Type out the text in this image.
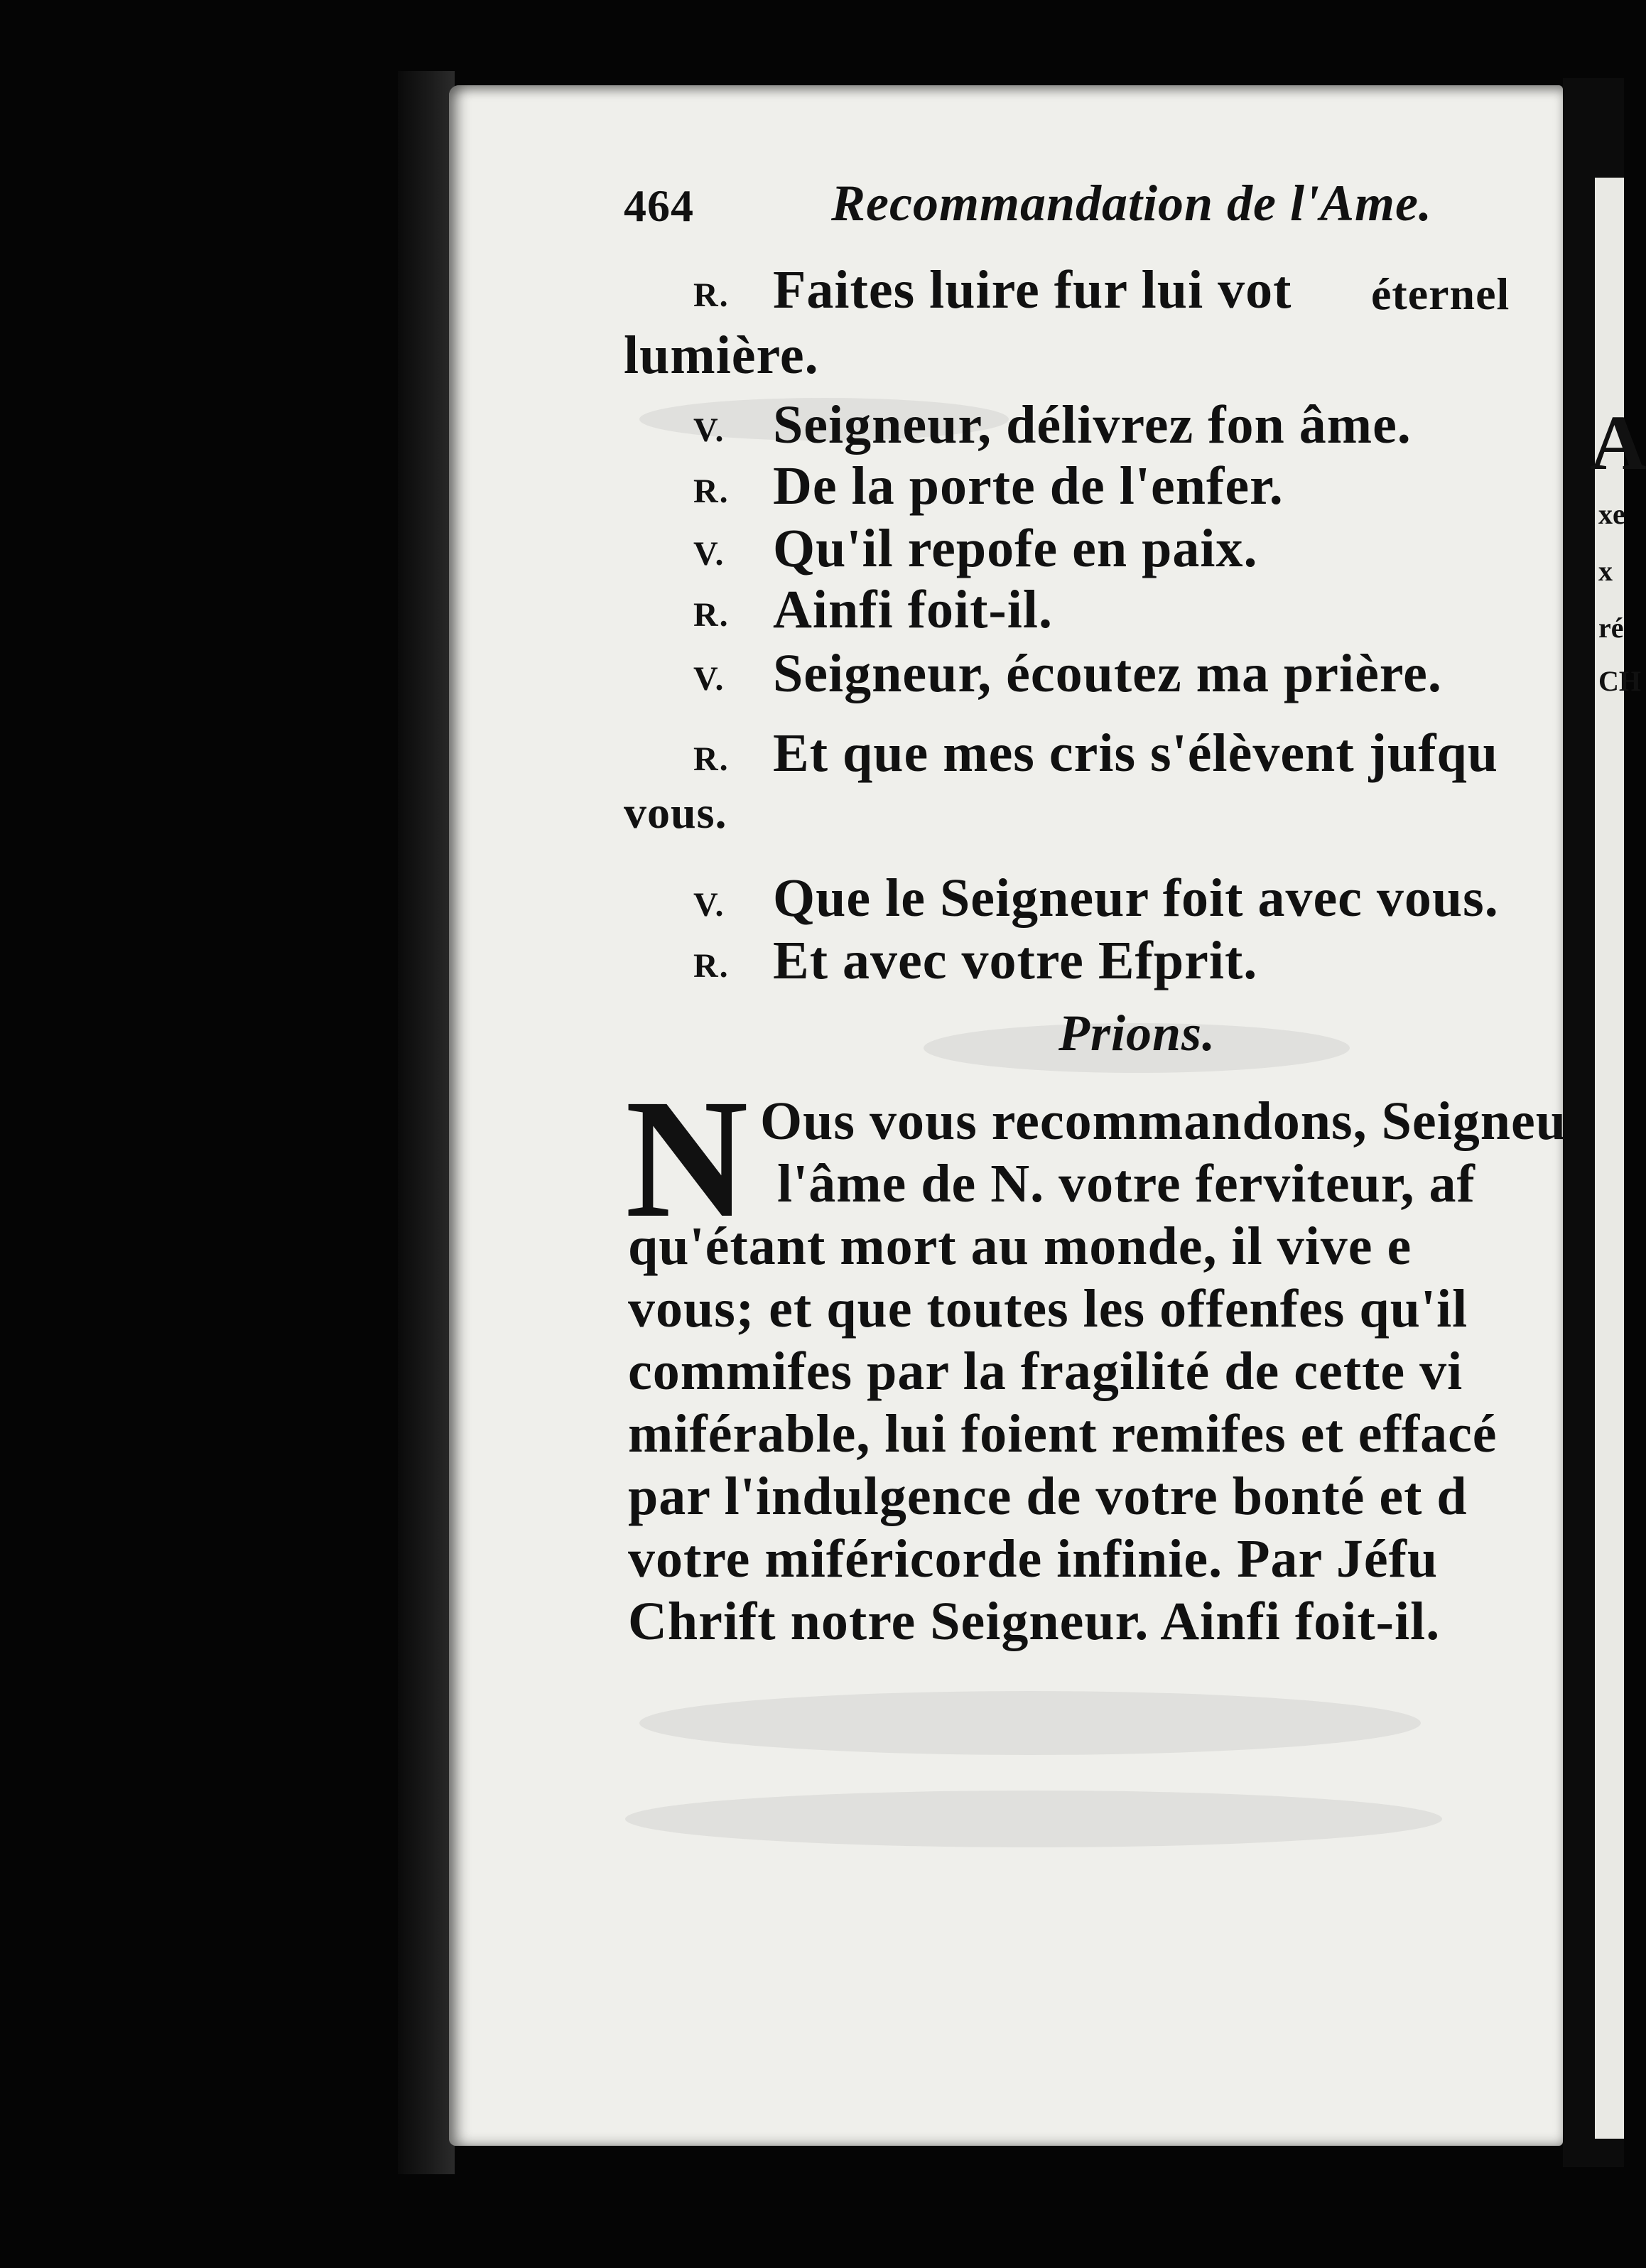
A
xe
x
ré
CH
464	Recommandation de l'Ame.
R. Faites luire fur lui vot éternel
lumière.
V. Seigneur, délivrez fon âme.
R. De la porte de l'enfer.
V. Qu'il repofe en paix.
R. Ainfi foit-il.
V. Seigneur, écoutez ma prière.
R. Et que mes cris s'élèvent jufqu
vous.
V. Que le Seigneur foit avec vous.
R. Et avec votre Efprit.
Prions.
N Ous vous recommandons, Seigneu
l'âme de N. votre ferviteur, af
qu'étant mort au monde, il vive e
vous; et que toutes les offenfes qu'il
commifes par la fragilité de cette vi
miférable, lui foient remifes et effacé
par l'indulgence de votre bonté et d
votre miféricorde infinie. Par Jéfu
Chrift notre Seigneur. Ainfi foit-il.
